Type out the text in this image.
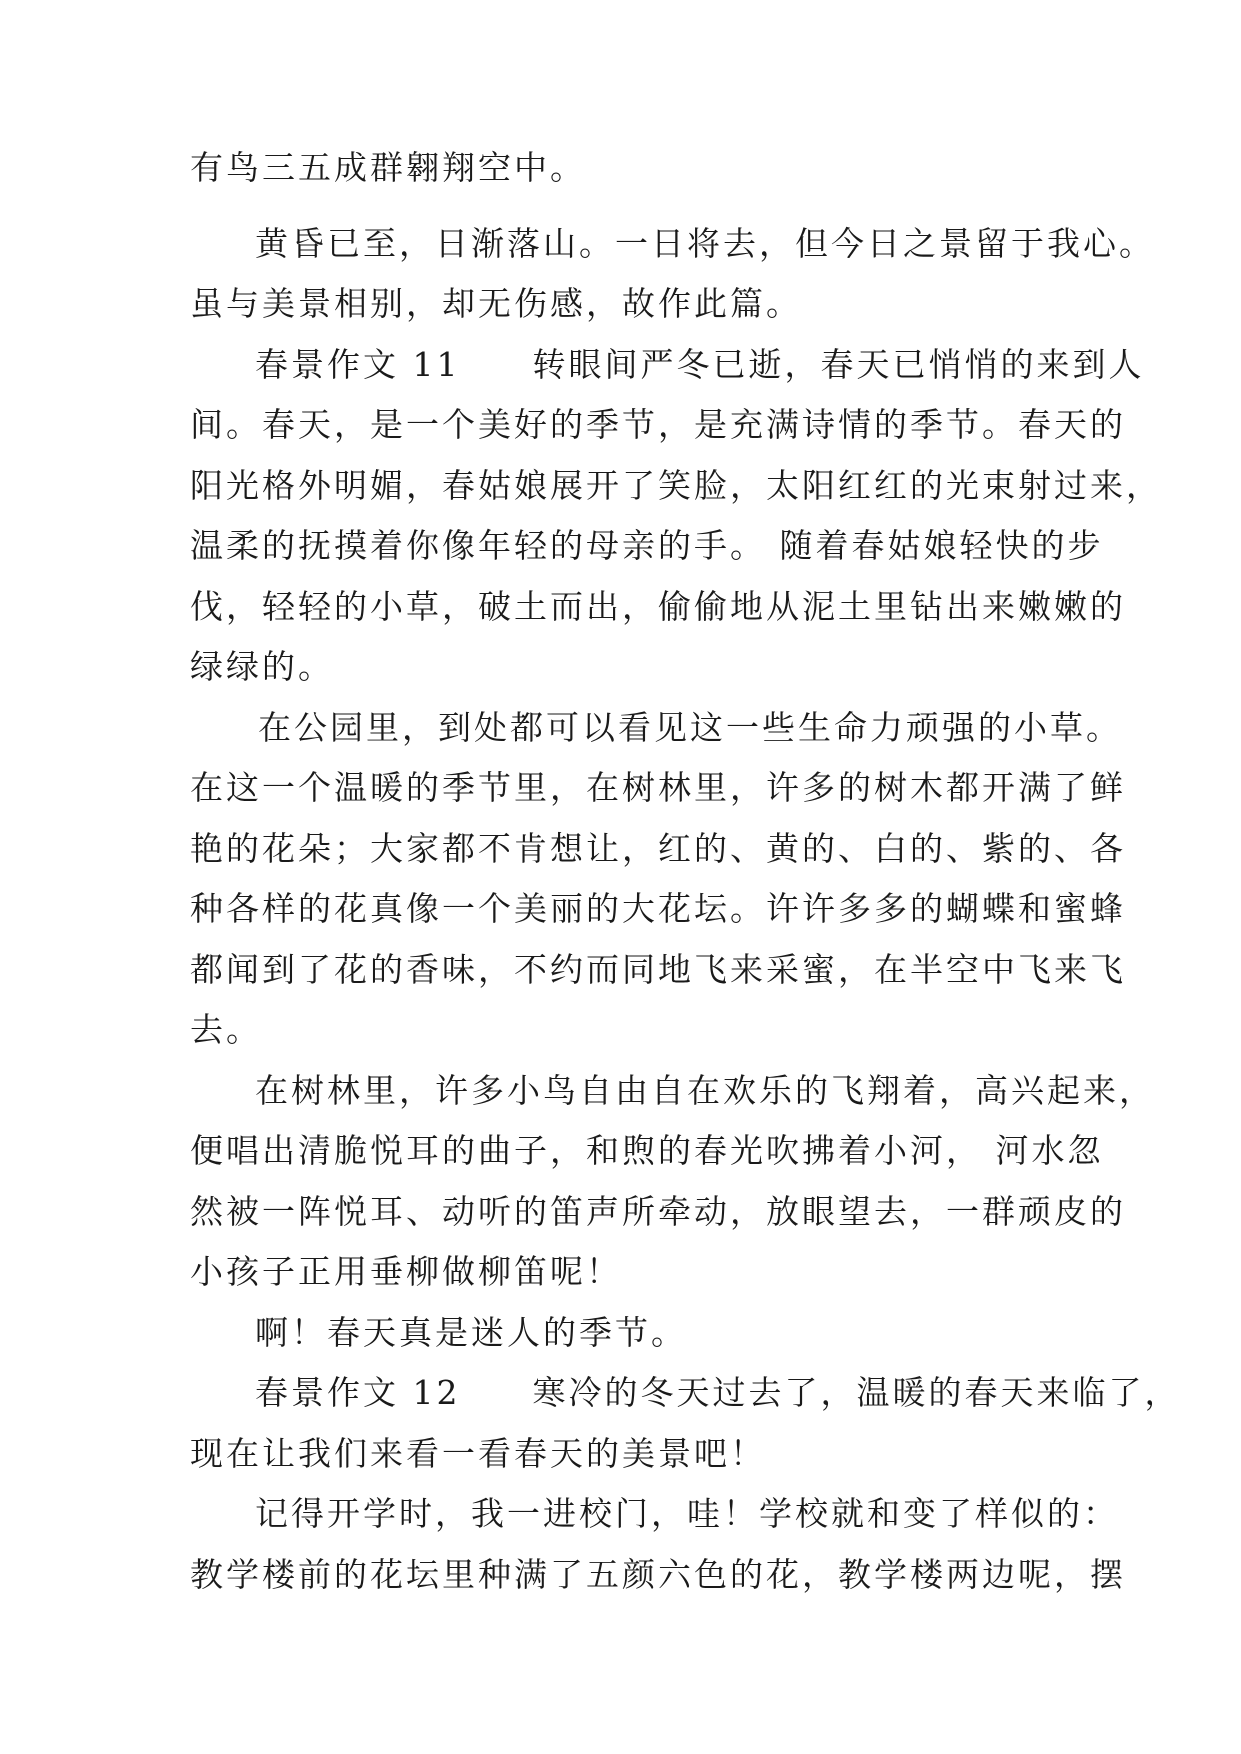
有鸟三五成群翱翔空中。
黄昏已至，日渐落山。一日将去，但今日之景留于我心。
虽与美景相别，却无伤感，故作此篇。
春景作文 11　　转眼间严冬已逝，春天已悄悄的来到人
间。春天，是一个美好的季节，是充满诗情的季节。春天的
阳光格外明媚，春姑娘展开了笑脸，太阳红红的光束射过来，
温柔的抚摸着你像年轻的母亲的手。 随着春姑娘轻快的步
伐，轻轻的小草，破土而出，偷偷地从泥土里钻出来嫩嫩的
绿绿的。
在公园里，到处都可以看见这一些生命力顽强的小草。
在这一个温暖的季节里，在树林里，许多的树木都开满了鲜
艳的花朵；大家都不肯想让，红的、黄的、白的、紫的、各
种各样的花真像一个美丽的大花坛。许许多多的蝴蝶和蜜蜂
都闻到了花的香味，不约而同地飞来采蜜，在半空中飞来飞
去。
在树林里，许多小鸟自由自在欢乐的飞翔着，高兴起来，
便唱出清脆悦耳的曲子，和煦的春光吹拂着小河， 河水忽
然被一阵悦耳、动听的笛声所牵动，放眼望去，一群顽皮的
小孩子正用垂柳做柳笛呢！
啊！春天真是迷人的季节。
春景作文 12　　寒冷的冬天过去了，温暖的春天来临了，
现在让我们来看一看春天的美景吧！
记得开学时，我一进校门，哇！学校就和变了样似的：
教学楼前的花坛里种满了五颜六色的花，教学楼两边呢，摆
